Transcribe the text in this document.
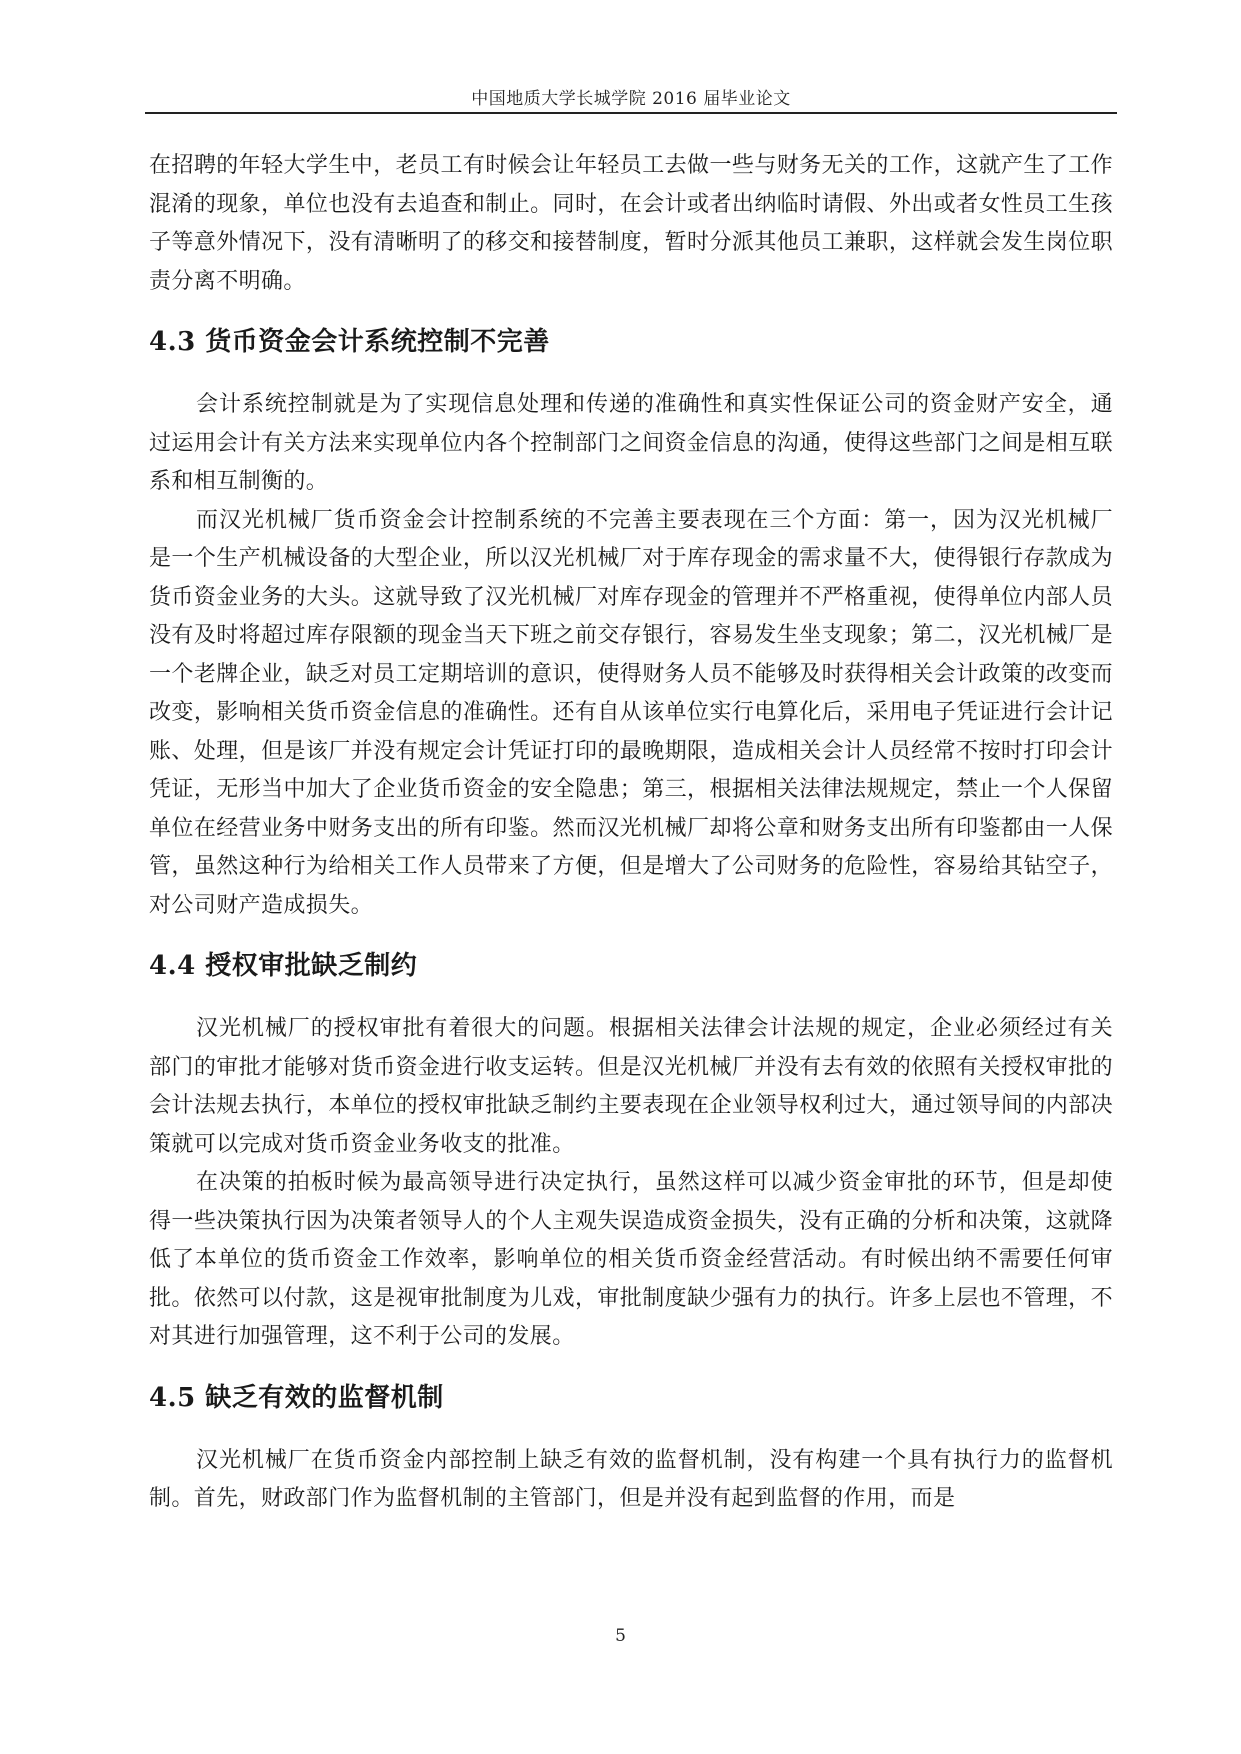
中国地质大学长城学院 2016 届毕业论文

在招聘的年轻大学生中，老员工有时候会让年轻员工去做一些与财务无关的工作，这就产生了工作混淆的现象，单位也没有去追查和制止。同时，在会计或者出纳临时请假、外出或者女性员工生孩子等意外情况下，没有清晰明了的移交和接替制度，暂时分派其他员工兼职，这样就会发生岗位职责分离不明确。

4.3 货币资金会计系统控制不完善

会计系统控制就是为了实现信息处理和传递的准确性和真实性保证公司的资金财产安全，通过运用会计有关方法来实现单位内各个控制部门之间资金信息的沟通，使得这些部门之间是相互联系和相互制衡的。

而汉光机械厂货币资金会计控制系统的不完善主要表现在三个方面：第一，因为汉光机械厂是一个生产机械设备的大型企业，所以汉光机械厂对于库存现金的需求量不大，使得银行存款成为货币资金业务的大头。这就导致了汉光机械厂对库存现金的管理并不严格重视，使得单位内部人员没有及时将超过库存限额的现金当天下班之前交存银行，容易发生坐支现象；第二，汉光机械厂是一个老牌企业，缺乏对员工定期培训的意识，使得财务人员不能够及时获得相关会计政策的改变而改变，影响相关货币资金信息的准确性。还有自从该单位实行电算化后，采用电子凭证进行会计记账、处理，但是该厂并没有规定会计凭证打印的最晚期限，造成相关会计人员经常不按时打印会计凭证，无形当中加大了企业货币资金的安全隐患；第三，根据相关法律法规规定，禁止一个人保留单位在经营业务中财务支出的所有印鉴。然而汉光机械厂却将公章和财务支出所有印鉴都由一人保管，虽然这种行为给相关工作人员带来了方便，但是增大了公司财务的危险性，容易给其钻空子，对公司财产造成损失。

4.4 授权审批缺乏制约

汉光机械厂的授权审批有着很大的问题。根据相关法律会计法规的规定，企业必须经过有关部门的审批才能够对货币资金进行收支运转。但是汉光机械厂并没有去有效的依照有关授权审批的会计法规去执行，本单位的授权审批缺乏制约主要表现在企业领导权利过大，通过领导间的内部决策就可以完成对货币资金业务收支的批准。

在决策的拍板时候为最高领导进行决定执行，虽然这样可以减少资金审批的环节，但是却使得一些决策执行因为决策者领导人的个人主观失误造成资金损失，没有正确的分析和决策，这就降低了本单位的货币资金工作效率，影响单位的相关货币资金经营活动。有时候出纳不需要任何审批。依然可以付款，这是视审批制度为儿戏，审批制度缺少强有力的执行。许多上层也不管理，不对其进行加强管理，这不利于公司的发展。

4.5 缺乏有效的监督机制

汉光机械厂在货币资金内部控制上缺乏有效的监督机制，没有构建一个具有执行力的监督机制。首先，财政部门作为监督机制的主管部门，但是并没有起到监督的作用，而是

5
